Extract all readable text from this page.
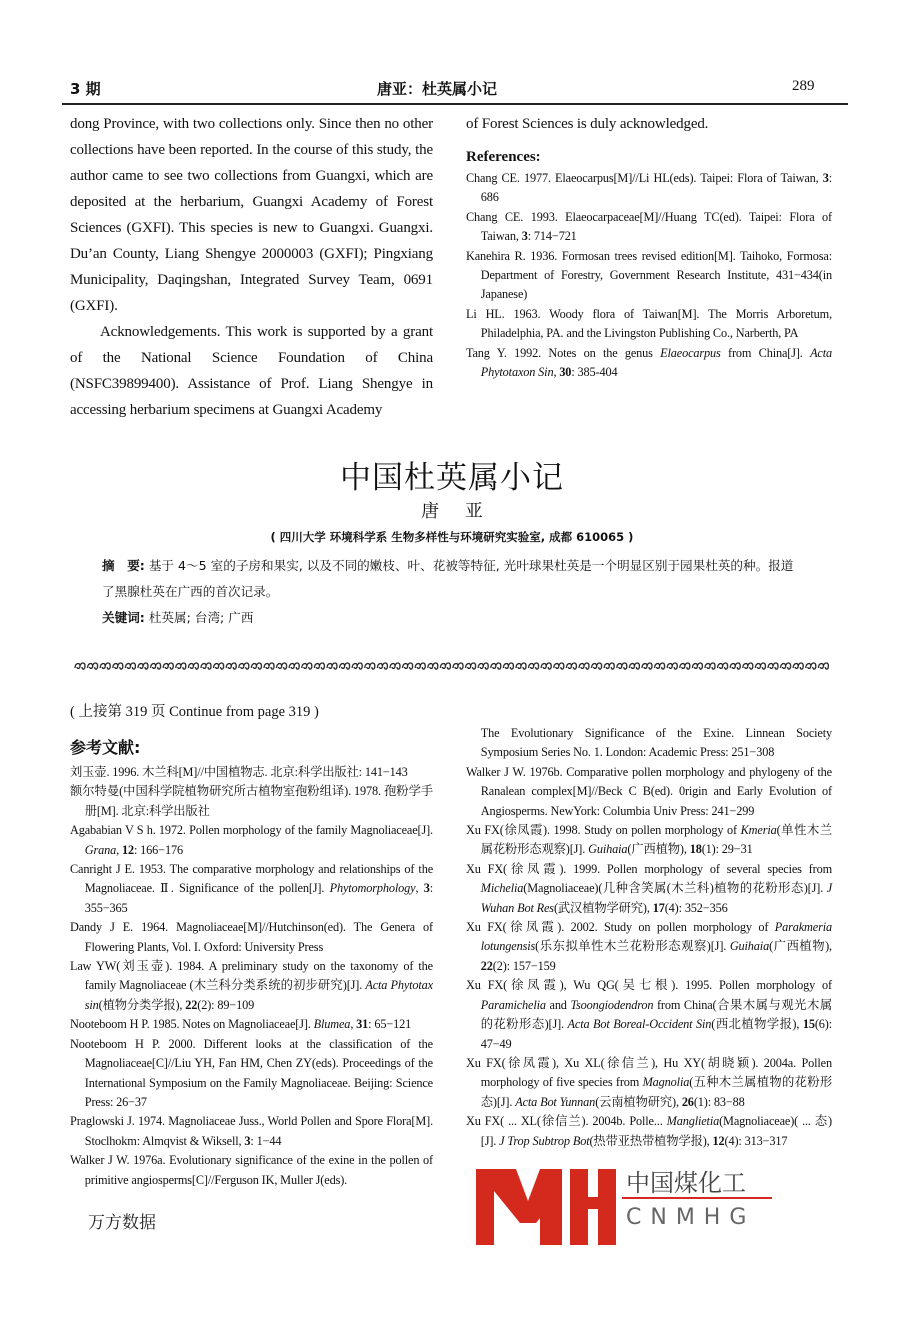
3 期	唐亚：杜英属小记	289

dong Province, with two collections only. Since then no other collections have been reported. In the course of this study, the author came to see two collections from Guangxi, which are deposited at the herbarium, Guangxi Academy of Forest Sciences (GXFI). This species is new to Guangxi. Guangxi. Du’an County, Liang Shengye 2000003 (GXFI); Pingxiang Municipality, Daqingshan, Integrated Survey Team, 0691 (GXFI).

Acknowledgements. This work is supported by a grant of the National Science Foundation of China (NSFC39899400). Assistance of Prof. Liang Shengye in accessing herbarium specimens at Guangxi Academy

of Forest Sciences is duly acknowledged.
References:

Chang CE. 1977. Elaeocarpus[M]//Li HL(eds). Taipei: Flora of Taiwan, 3: 686

Chang CE. 1993. Elaeocarpaceae[M]//Huang TC(ed). Taipei: Flora of Taiwan, 3: 714−721

Kanehira R. 1936. Formosan trees revised edition[M]. Taihoko, Formosa: Department of Forestry, Government Research Institute, 431−434(in Japanese)

Li HL. 1963. Woody flora of Taiwan[M]. The Morris Arboretum, Philadelphia, PA. and the Livingston Publishing Co., Narberth, PA

Tang Y. 1992. Notes on the genus Elaeocarpus from China[J]. Acta Phytotaxon Sin, 30: 385-404

中国杜英属小记
唐 亚
( 四川大学 环境科学系 生物多样性与环境研究实验室, 成都 610065 )

摘　要: 基于 4～5 室的子房和果实, 以及不同的嫩枝、叶、花被等特征, 光叶球果杜英是一个明显区别于园果杜英的种。报道了黑腺杜英在广西的首次记录。

关键词: 杜英属; 台湾; 广西

( 上接第 319 页 Continue from page 319 )
参考文献:

刘玉壶. 1996. 木兰科[M]//中国植物志. 北京:科学出版社: 141−143

额尔特曼(中国科学院植物研究所古植物室孢粉组译). 1978. 孢粉学手册[M]. 北京:科学出版社

Agababian V S h. 1972. Pollen morphology of the family Magnoliaceae[J]. Grana, 12: 166−176

Canright J E. 1953. The comparative morphology and relationships of the Magnoliaceae. Ⅱ. Significance of the pollen[J]. Phytomorphology, 3: 355−365

Dandy J E. 1964. Magnoliaceae[M]//Hutchinson(ed). The Genera of Flowering Plants, Vol. I. Oxford: University Press

Law YW(刘玉壶). 1984. A preliminary study on the taxonomy of the family Magnoliaceae (木兰科分类系统的初步研究)[J]. Acta Phytotax sin(植物分类学报), 22(2): 89−109

Nooteboom H P. 1985. Notes on Magnoliaceae[J]. Blumea, 31: 65−121

Nooteboom H P. 2000. Different looks at the classification of the Magnoliaceae[C]//Liu YH, Fan HM, Chen ZY(eds). Proceedings of the International Symposium on the Family Magnoliaceae. Beijing: Science Press: 26−37

Praglowski J. 1974. Magnoliaceae Juss., World Pollen and Spore Flora[M]. Stoclhokm: Almqvist & Wiksell, 3: 1−44

Walker J W. 1976a. Evolutionary significance of the exine in the pollen of primitive angiosperms[C]//Ferguson IK, Muller J(eds).

万方数据
The Evolutionary Significance of the Exine. Linnean Society Symposium Series No. 1. London: Academic Press: 251−308

Walker J W. 1976b. Comparative pollen morphology and phylogeny of the Ranalean complex[M]//Beck C B(ed). 0rigin and Early Evolution of Angiosperms. NewYork: Columbia Univ Press: 241−299

Xu FX(徐凤霞). 1998. Study on pollen morphology of Kmeria(单性木兰属花粉形态观察)[J]. Guihaia(广西植物), 18(1): 29−31

Xu FX(徐凤霞). 1999. Pollen morphology of several species from Michelia(Magnoliaceae)(几种含笑属(木兰科)植物的花粉形态)[J]. J Wuhan Bot Res(武汉植物学研究), 17(4): 352−356

Xu FX(徐凤霞). 2002. Study on pollen morphology of Parakmeria lotungensis(乐东拟单性木兰花粉形态观察)[J]. Guihaia(广西植物), 22(2): 157−159

Xu FX(徐凤霞), Wu QG(吴七根). 1995. Pollen morphology of Paramichelia and Tsoongiodendron from China(合果木属与观光木属的花粉形态)[J]. Acta Bot Boreal-Occident Sin(西北植物学报), 15(6): 47−49

Xu FX(徐凤霞), Xu XL(徐信兰), Hu XY(胡晓颖). 2004a. Pollen morphology of five species from Magnolia(五种木兰属植物的花粉形态)[J]. Acta Bot Yunnan(云南植物研究), 26(1): 83−88

Xu FX( ... XL(徐信兰). 2004b. Polle... Manglietia(Magnoliaceae)( ... 态)[J]. J Trop Subtrop Bot(热带亚热带植物学报), 12(4): 313−317

中国煤化工
CNMHG
